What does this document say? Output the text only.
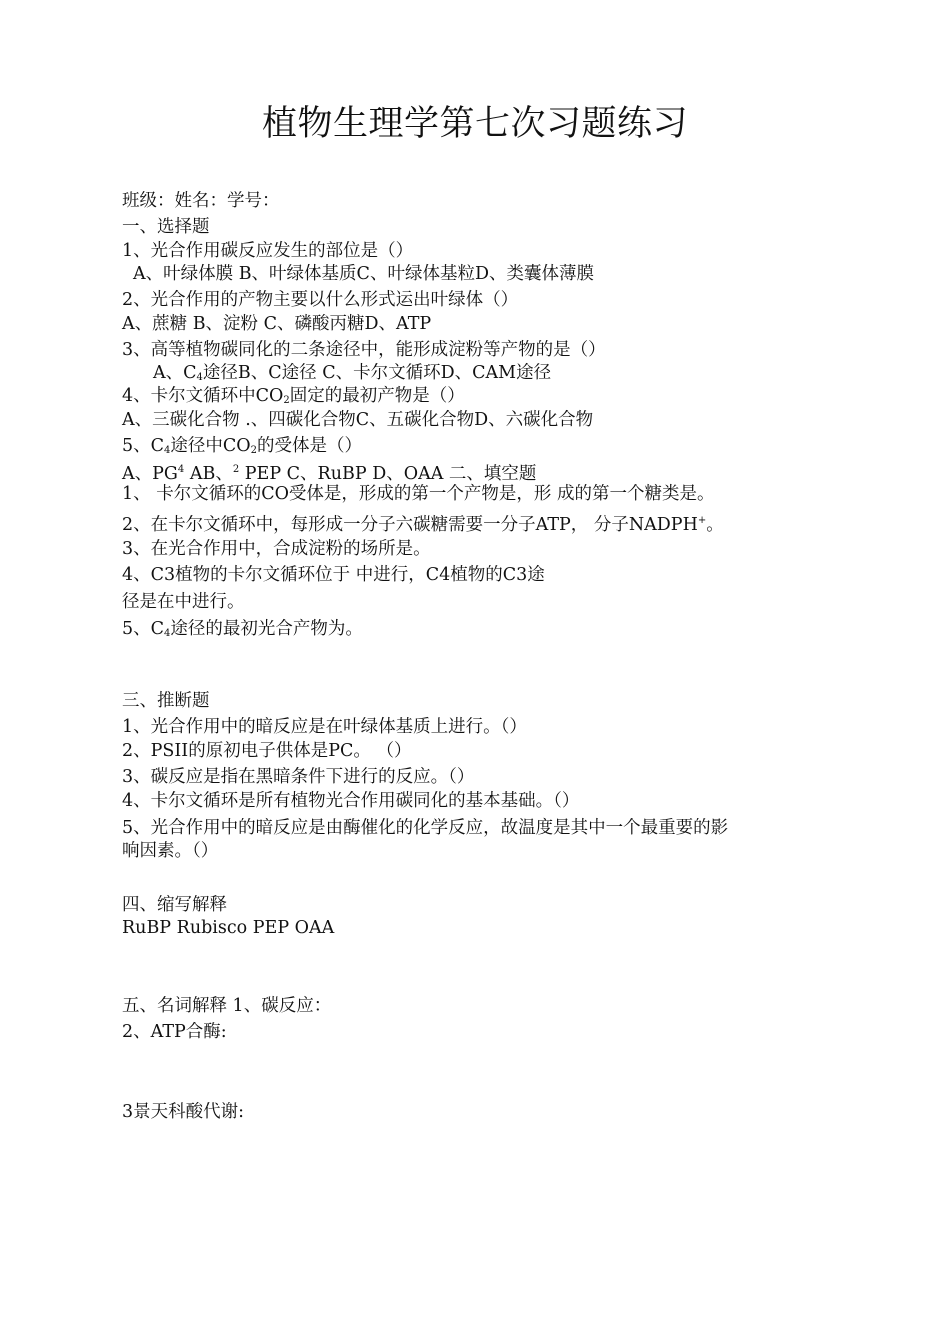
植物生理学第七次习题练习
班级：姓名：学号：
一、选择题
1、光合作用碳反应发生的部位是（）
A、叶绿体膜 B、叶绿体基质C、叶绿体基粒D、类囊体薄膜
2、光合作用的产物主要以什么形式运出叶绿体（）
A、蔗糖 B、淀粉 C、磷酸丙糖D、ATP
3、高等植物碳同化的二条途径中，能形成淀粉等产物的是（）
A、$C_4$途径B、C途径 C、卡尔文循环D、CAM途径
4、卡尔文循环中$CO_2$固定的最初产物是（）
A、三碳化合物 .、四碳化合物C、五碳化合物D、六碳化合物
5、$C_4$途径中$CO_2$的受体是（）
A、$PG^4$ AB、$^2$ PEP C、RuBP D、OAA 二、填空题
1、 卡尔文循环的CO受体是，形成的第一个产物是，形 成的第一个糖类是。
2、在卡尔文循环中，每形成一分子六碳糖需要一分子ATP， 分子NADPH+。
3、在光合作用中，合成淀粉的场所是。
4、C3植物的卡尔文循环位于 中进行，C4植物的C3途
径是在中进行。
5、$C_4$途径的最初光合产物为。
三、推断题
1、光合作用中的暗反应是在叶绿体基质上进行。（）
2、PSII的原初电子供体是PC。 （）
3、碳反应是指在黑暗条件下进行的反应。（）
4、卡尔文循环是所有植物光合作用碳同化的基本基础。（）
5、光合作用中的暗反应是由酶催化的化学反应，故温度是其中一个最重要的影
响因素。（）
四、缩写解释
RuBP Rubisco PEP OAA
五、名词解释 1、碳反应：
2、ATP合酶:
3景天科酸代谢:
